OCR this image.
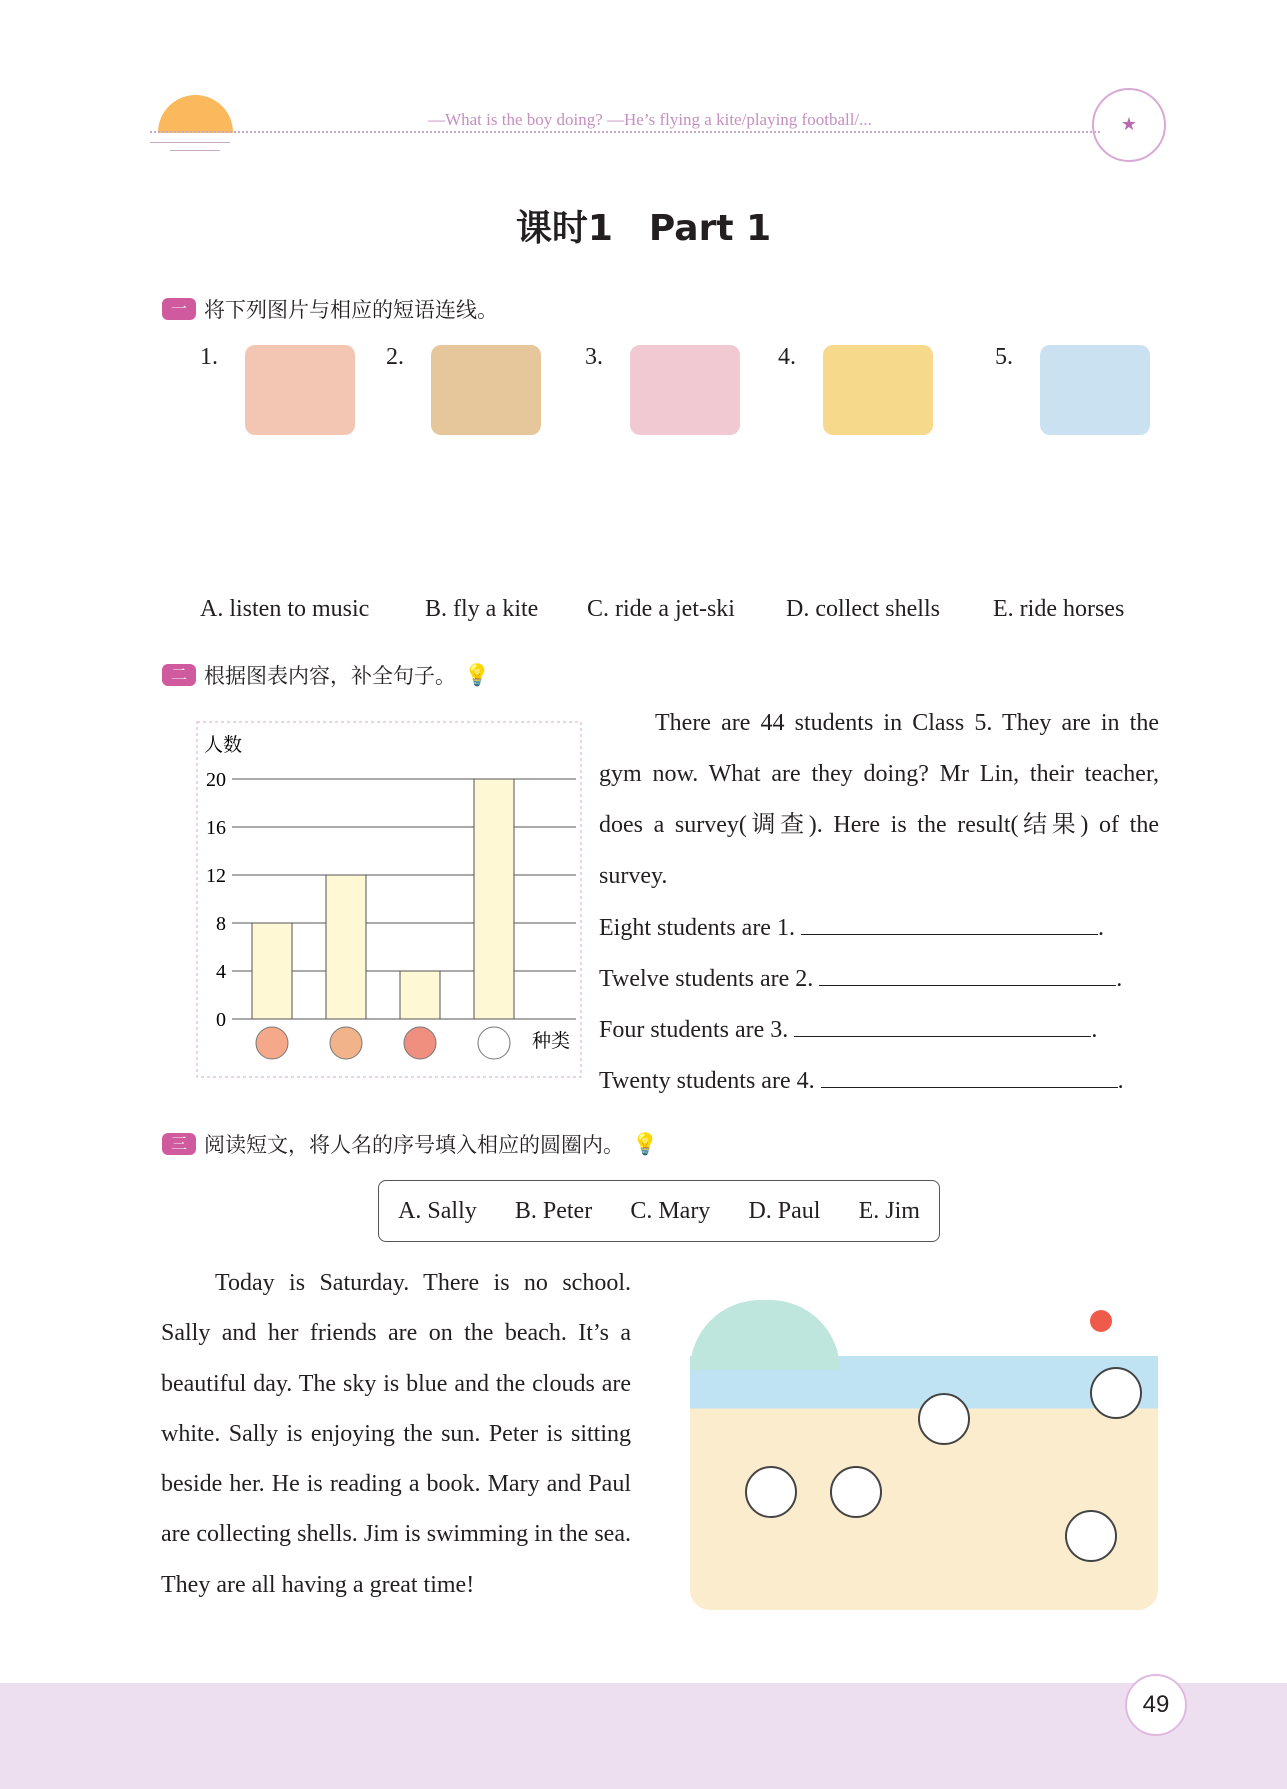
—What is the boy doing? —He’s flying a kite/playing football/...	★
课时1　Part 1
一 将下列图片与相应的短语连线。
1.	2.	3.	4.	5.
A. listen to music B. fly a kite C. ride a jet-ski D. collect shells E. ride horses
二 根据图表内容，补全句子。 💡
人数
种类
0
4
8
12
16
20
There are 44 students in Class 5. They are in the gym now. What are they doing? Mr Lin, their teacher, does a survey(调查). Here is the result(结果) of the survey.
Eight students are 1.	.
Twelve students are 2.	.
Four students are 3.	.
Twenty students are 4.	.
三 阅读短文，将人名的序号填入相应的圆圈内。 💡
A. Sally B. Peter C. Mary D. Paul E. Jim
Today is Saturday. There is no school. Sally and her friends are on the beach. It’s a beautiful day. The sky is blue and the clouds are white. Sally is enjoying the sun. Peter is sitting beside her. He is reading a book. Mary and Paul are collecting shells. Jim is swimming in the sea. They are all having a great time!
49
